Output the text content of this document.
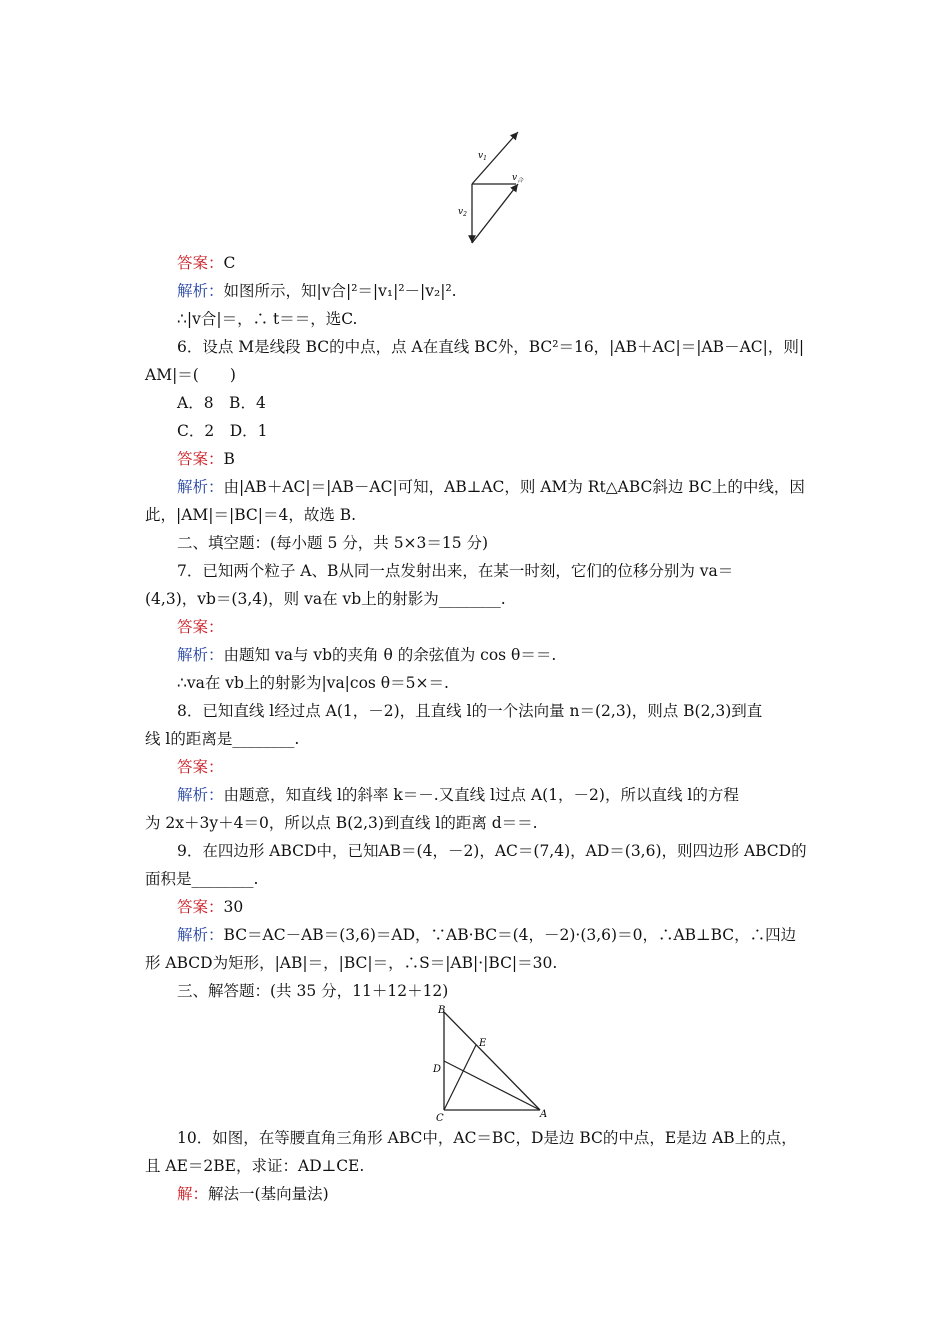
$v_1$
$v_合$
$v_2$
答案：C
解析：如图所示，知|v合|²＝|v₁|²－|v₂|².
∴|v合|＝，∴ t＝＝，选C.
6．设点 M是线段 BC的中点，点 A在直线 BC外，BC²＝16，|AB＋AC|＝|AB－AC|，则|
AM|＝(　　)
A．8　B．4
C．2　D．1
答案：B
解析：由|AB＋AC|＝|AB－AC|可知，AB⊥AC，则 AM为 Rt△ABC斜边 BC上的中线，因
此，|AM|＝|BC|＝4，故选 B.
二、填空题：(每小题 5 分，共 5×3＝15 分)
7．已知两个粒子 A、B从同一点发射出来，在某一时刻，它们的位移分别为 va＝
(4,3)，vb＝(3,4)，则 va在 vb上的射影为________.
答案：
解析：由题知 va与 vb的夹角 θ 的余弦值为 cos θ＝＝.
∴va在 vb上的射影为|va|cos θ＝5×＝.
8．已知直线 l经过点 A(1，－2)，且直线 l的一个法向量 n＝(2,3)，则点 B(2,3)到直
线 l的距离是________.
答案：
解析：由题意，知直线 l的斜率 k＝－.又直线 l过点 A(1，－2)，所以直线 l的方程
为 2x＋3y＋4＝0，所以点 B(2,3)到直线 l的距离 d＝＝.
9．在四边形 ABCD中，已知AB＝(4，－2)，AC＝(7,4)，AD＝(3,6)，则四边形 ABCD的
面积是________.
答案：30
解析：BC＝AC－AB＝(3,6)＝AD，∵AB·BC＝(4，－2)·(3,6)＝0，∴AB⊥BC，∴四边
形 ABCD为矩形，|AB|＝，|BC|＝，∴S＝|AB|·|BC|＝30.
三、解答题：(共 35 分，11＋12＋12)
B
E
D
C	A
10．如图，在等腰直角三角形 ABC中，AC＝BC，D是边 BC的中点，E是边 AB上的点，
且 AE＝2BE，求证：AD⊥CE.
解：解法一(基向量法)
